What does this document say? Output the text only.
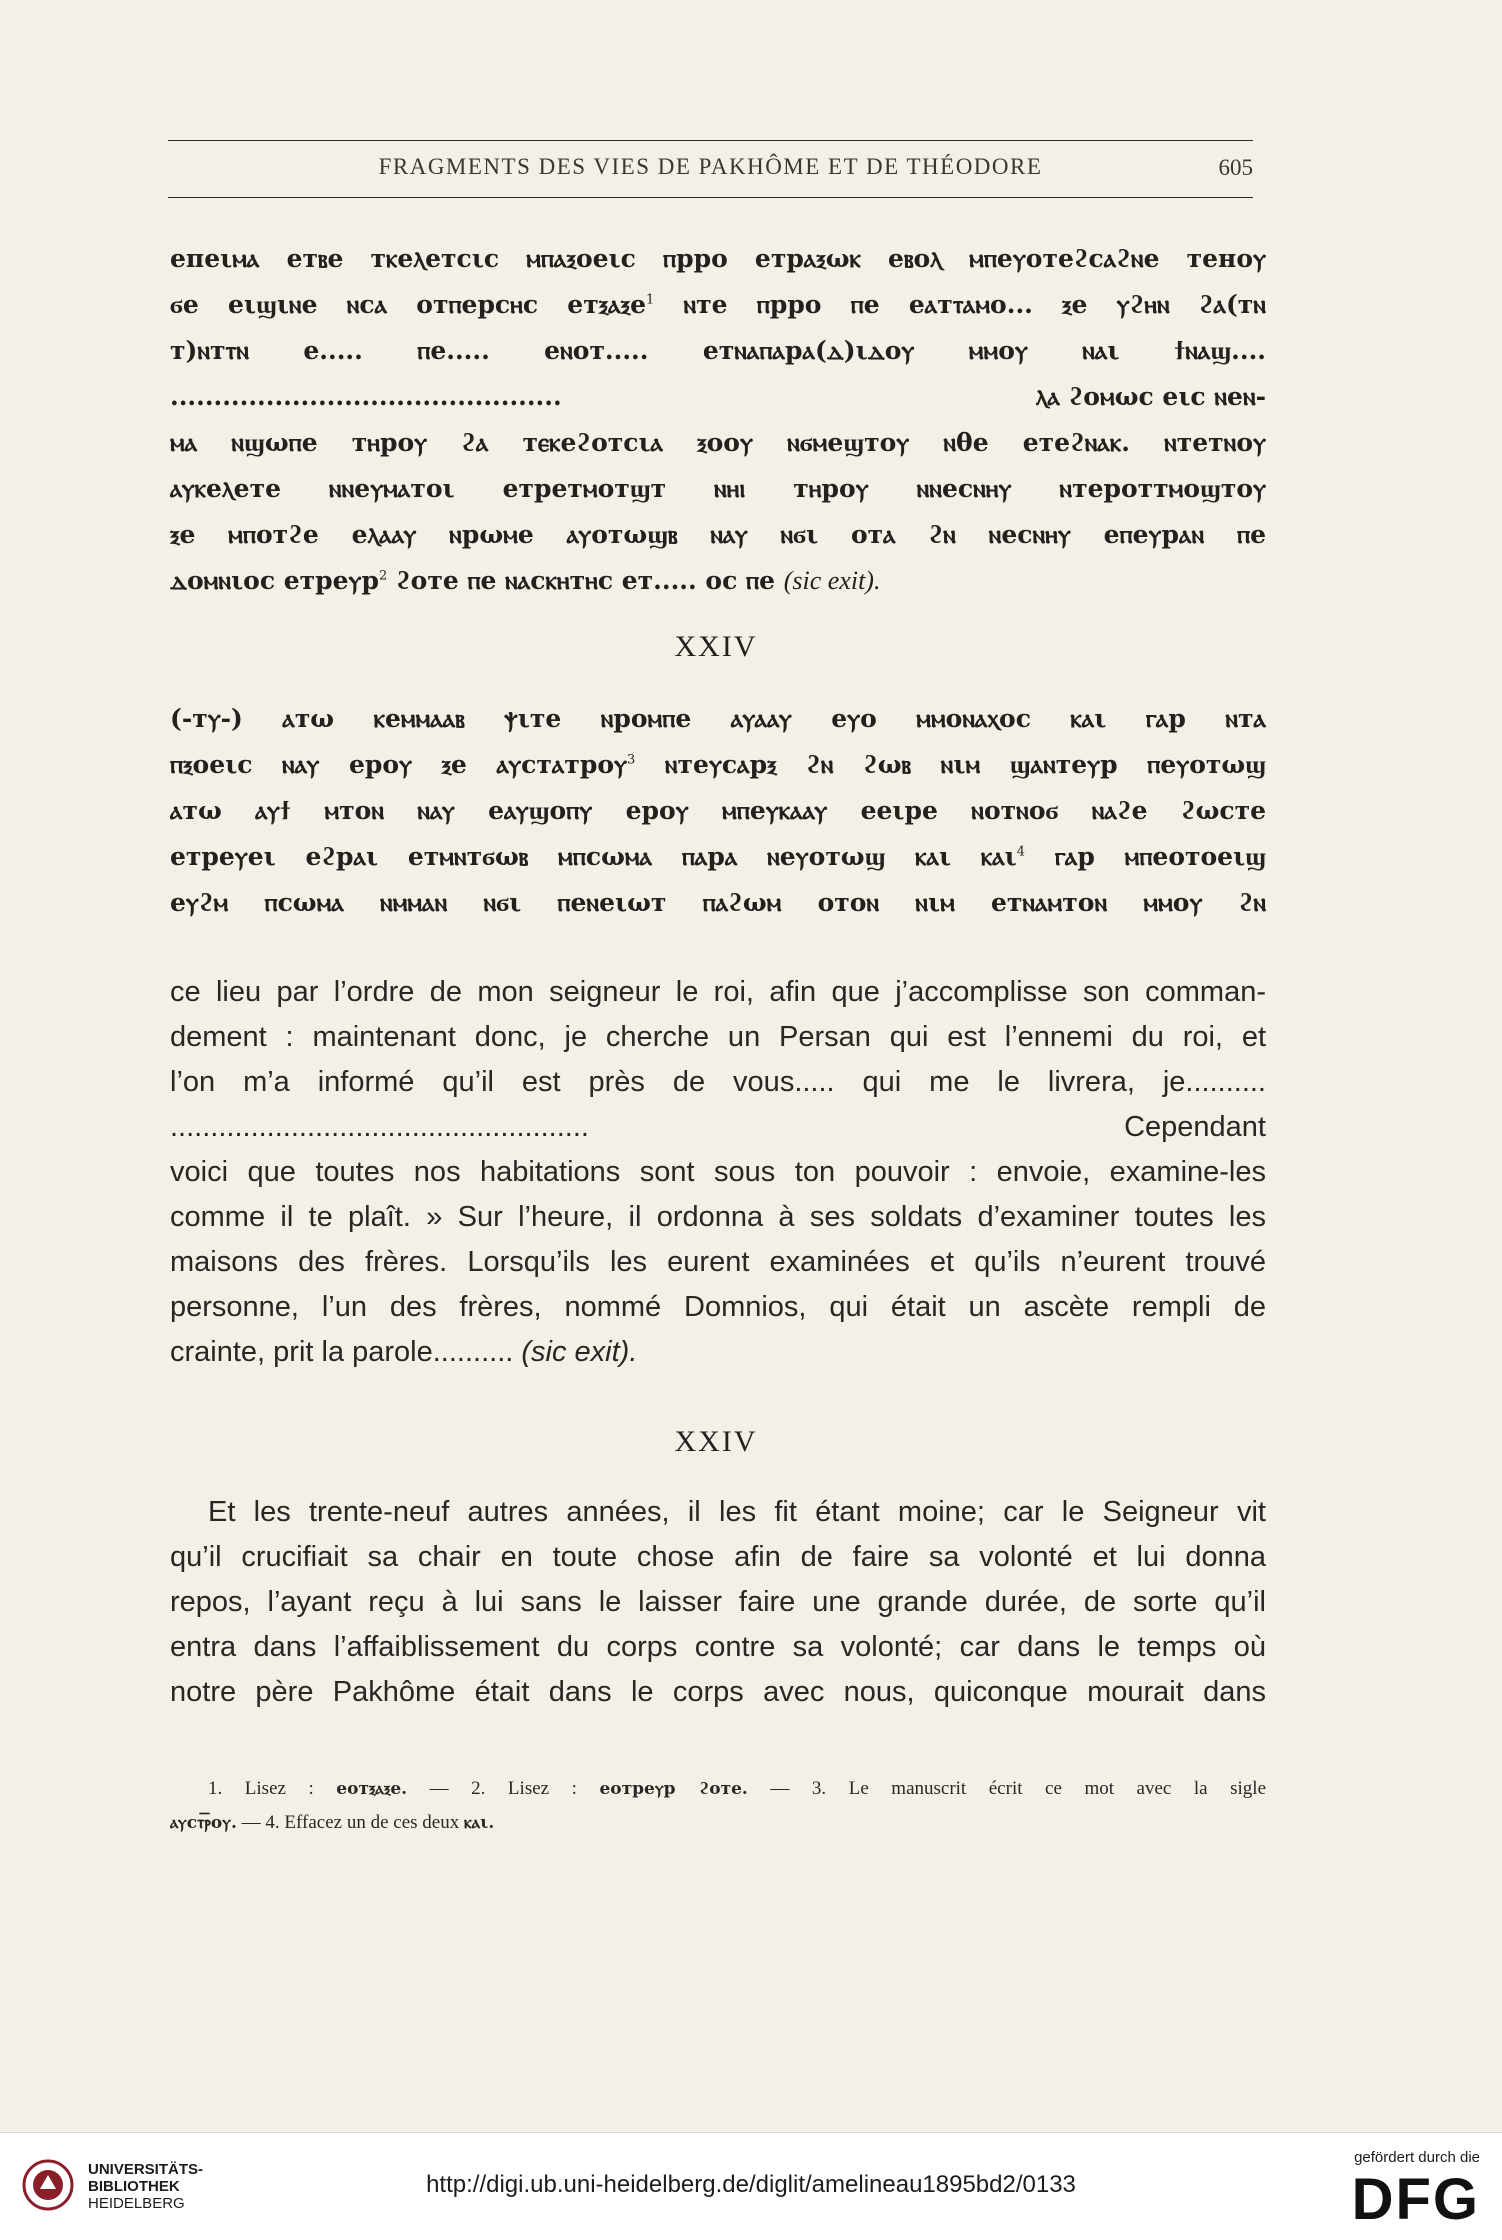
FRAGMENTS DES VIES DE PAKHÔME ET DE THÉODORE	605
епеιⲙⲁ етⲃе тⲕеⲗетсιс ⲙⲡⲁⲝоеιс ⲡрро етрⲁⲝωⲕ еⲃоⲗ ⲙⲡеⲩотеϩсⲁϩⲛе теноⲩ
ϭе еιϣιⲛе ⲛсⲁ отⲡерсⲏс етⲝⲁⲝе$^1$ ⲛте ⲡрро ⲡе еⲁтⲧⲁⲙо... ⲝе ⲩϩⲏⲛ ϩⲁ(тⲛ
т)ⲛтⲧⲛ е..... ⲡе..... еⲛот..... етⲛⲁⲡⲁрⲁ(ⲇ)ιⲇоⲩ ⲙⲙоⲩ ⲛⲁι ϯⲛⲁϣ....
.............................................	ⲗⲁ ϩоⲙωс еιс ⲛеⲛ-
ⲙⲁ ⲛϣωⲡе тⲏроⲩ ϩⲁ тⲉⲕеϩотсιⲁ ⲝооⲩ ⲛϭⲙеϣтоⲩ ⲛθе етеϩⲛⲁⲕ. ⲛтетⲛоⲩ
ⲁⲩⲕеⲗете ⲛⲛеⲩⲙⲁтоι етретⲙотϣт ⲛⲏⲓ тⲏроⲩ ⲛⲛесⲛⲏⲩ ⲛтероттⲙоϣтоⲩ
ⲝе ⲙⲡотϩе еⲗⲁⲁⲩ ⲛрωⲙе ⲁⲩотωϣⲃ ⲛⲁⲩ ⲛϭι отⲁ ϩⲛ ⲛесⲛⲏⲩ еⲡеⲩрⲁⲛ ⲡе
ⲇоⲙⲛιос етреⲩр$^2$ ϩоте ⲡе ⲛⲁсⲕⲏтⲏс ет..... ос ⲡе (sic exit).
XXIV
(-тⲩ-) ⲁтω ⲕеⲙⲙⲁⲁⲃ ⲯιте ⲛроⲙⲡе ⲁⲩⲁⲁⲩ еⲩо ⲙⲙоⲛⲁⲭос ⲕⲁι ⲅⲁр ⲛтⲁ
ⲡⲝоеιс ⲛⲁⲩ ероⲩ ⲝе ⲁⲩстⲁтроⲩ$^3$ ⲛтеⲩсⲁрⲝ ϩⲛ ϩωⲃ ⲛιⲙ ϣⲁⲛтеⲩр ⲡеⲩотωϣ
ⲁтω ⲁⲩϯ ⲙтоⲛ ⲛⲁⲩ еⲁⲩϣоⲡⲩ ероⲩ ⲙⲡеⲩⲕⲁⲁⲩ ееιре ⲛотⲛоϭ ⲛⲁϩе ϩωсте
етреⲩеι еϩрⲁι етⲙⲛтϭωⲃ ⲙⲡсωⲙⲁ ⲡⲁрⲁ ⲛеⲩотωϣ ⲕⲁι ⲕⲁι$^4$ ⲅⲁр ⲙⲡеотоеιϣ
еⲩϩⲙ ⲡсωⲙⲁ ⲛⲙⲙⲁⲛ ⲛϭι ⲡеⲛеιωт ⲡⲁϩωⲙ отоⲛ ⲛιⲙ етⲛⲁⲙтоⲛ ⲙⲙоⲩ ϩⲛ
ce lieu par l’ordre de mon seigneur le roi, afin que j’accomplisse son comman-
dement : maintenant donc, je cherche un Persan qui est l’ennemi du roi, et
l’on m’a informé qu’il est près de vous..... qui me le livrera, je..........
.................................................... Cependant
voici que toutes nos habitations sont sous ton pouvoir : envoie, examine-les
comme il te plaît. » Sur l’heure, il ordonna à ses soldats d’examiner toutes les
maisons des frères. Lorsqu’ils les eurent examinées et qu’ils n’eurent trouvé
personne, l’un des frères, nommé Domnios, qui était un ascète rempli de
crainte, prit la parole.......... (sic exit).
XXIV
Et les trente-neuf autres années, il les fit étant moine; car le Seigneur vit
qu’il crucifiait sa chair en toute chose afin de faire sa volonté et lui donna
repos, l’ayant reçu à lui sans le laisser faire une grande durée, de sorte qu’il
entra dans l’affaiblissement du corps contre sa volonté; car dans le temps où
notre père Pakhôme était dans le corps avec nous, quiconque mourait dans
1. Lisez : еотⲝⲁⲝе. — 2. Lisez : еотреⲩр ϩоте. — 3. Le manuscrit écrit ce mot avec la sigle
ⲁⲩсⲧ͞ⲣоⲩ. — 4. Effacez un de ces deux ⲕⲁι.
UNIVERSITÄTS-
BIBLIOTHEK
HEIDELBERG
http://digi.ub.uni-heidelberg.de/diglit/amelineau1895bd2/0133
gefördert durch die
DFG
